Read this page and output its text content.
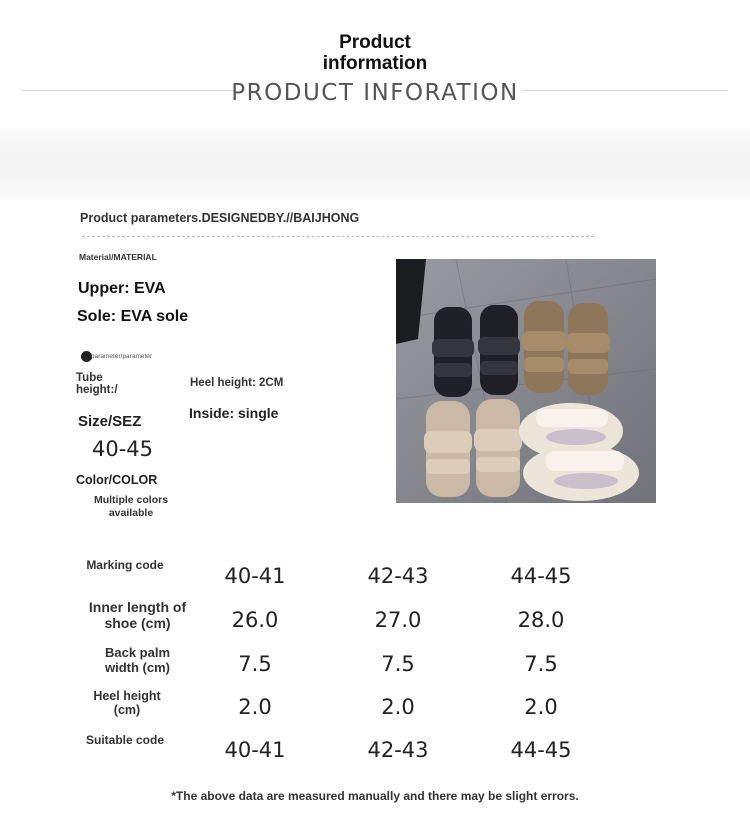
Product information
PRODUCT INFORATION
Product parameters.DESIGNEDBY.//BAIJHONG
Material/MATERIAL
Upper: EVA
Sole: EVA sole
parameter/parameter
Tube height:/
Heel height: 2CM
Size/SEZ	Inside: single
40-45
Color/COLOR
Multiple colors available
Marking code	40-41	42-43	44-45
Inner length of shoe (cm)	26.0	27.0	28.0
Back palm width (cm)	7.5	7.5	7.5
Heel height (cm)	2.0	2.0	2.0
Suitable code	40-41	42-43	44-45
*The above data are measured manually and there may be slight errors.
